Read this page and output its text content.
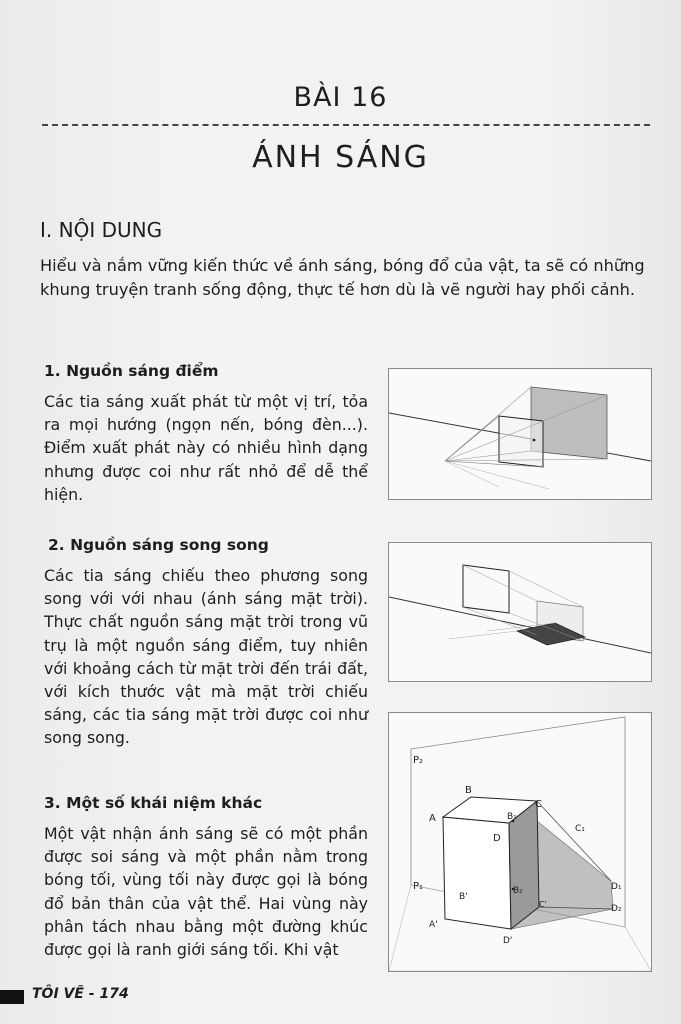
BÀI 16
ÁNH SÁNG
I. NỘI DUNG
Hiểu và nắm vững kiến thức về ánh sáng, bóng đổ của vật, ta sẽ có những khung truyện tranh sống động, thực tế hơn dù là vẽ người hay phối cảnh.
1. Nguồn sáng điểm
Các tia sáng xuất phát từ một vị trí, tỏa ra mọi hướng (ngọn nến, bóng đèn...). Điểm xuất phát này có nhiều hình dạng nhưng được coi như rất nhỏ để dễ thể hiện.
2. Nguồn sáng song song
Các tia sáng chiếu theo phương song song với với nhau (ánh sáng mặt trời). Thực chất nguồn sáng mặt trời trong vũ trụ là một nguồn sáng điểm, tuy nhiên với khoảng cách từ mặt trời đến trái đất, với kích thước vật mà mặt trời chiếu sáng, các tia sáng mặt trời được coi như song song.
3. Một số khái niệm khác
Một vật nhận ánh sáng sẽ có một phần được soi sáng và một phần nằm trong bóng tối, vùng tối này được gọi là bóng đổ bản thân của vật thể. Hai vùng này phân tách nhau bằng một đường khúc được gọi là ranh giới sáng tối. Khi vật
P₂
P₁
A
B
C
D
B₁
C₁
A'
B'
B₂
C'
D'
D₁
D₂
TÔI VẼ - 174
